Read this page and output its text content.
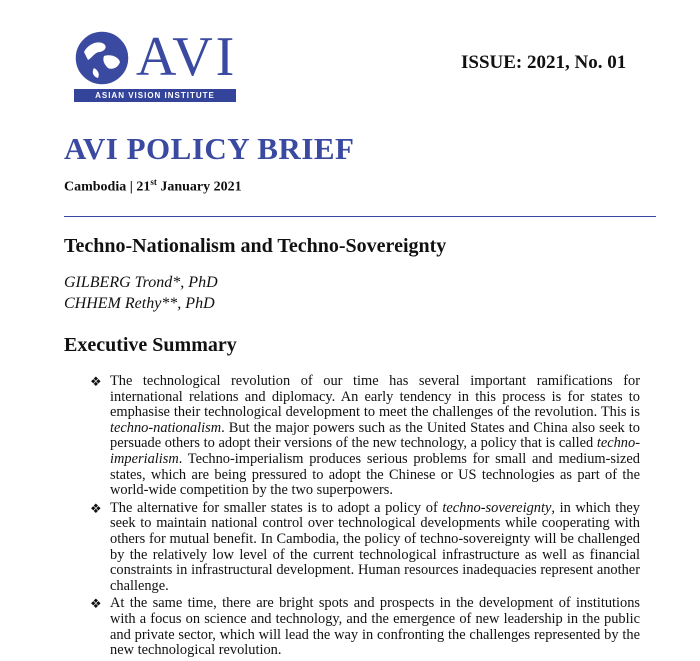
AVI
ASIAN VISION INSTITUTE
ISSUE: 2021, No. 01
AVI POLICY BRIEF
Cambodia | 21st January 2021
Techno-Nationalism and Techno-Sovereignty
GILBERG Trond*, PhD
CHHEM Rethy**, PhD
Executive Summary
❖ The technological revolution of our time has several important ramifications for international relations and diplomacy. An early tendency in this process is for states to emphasise their technological development to meet the challenges of the revolution. This is techno-nationalism. But the major powers such as the United States and China also seek to persuade others to adopt their versions of the new technology, a policy that is called techno-imperialism. Techno-imperialism produces serious problems for small and medium-sized states, which are being pressured to adopt the Chinese or US technologies as part of the world-wide competition by the two superpowers.
❖ The alternative for smaller states is to adopt a policy of techno-sovereignty, in which they seek to maintain national control over technological developments while cooperating with others for mutual benefit. In Cambodia, the policy of techno-sovereignty will be challenged by the relatively low level of the current technological infrastructure as well as financial constraints in infrastructural development. Human resources inadequacies represent another challenge.
❖ At the same time, there are bright spots and prospects in the development of institutions with a focus on science and technology, and the emergence of new leadership in the public and private sector, which will lead the way in confronting the challenges represented by the new technological revolution.
